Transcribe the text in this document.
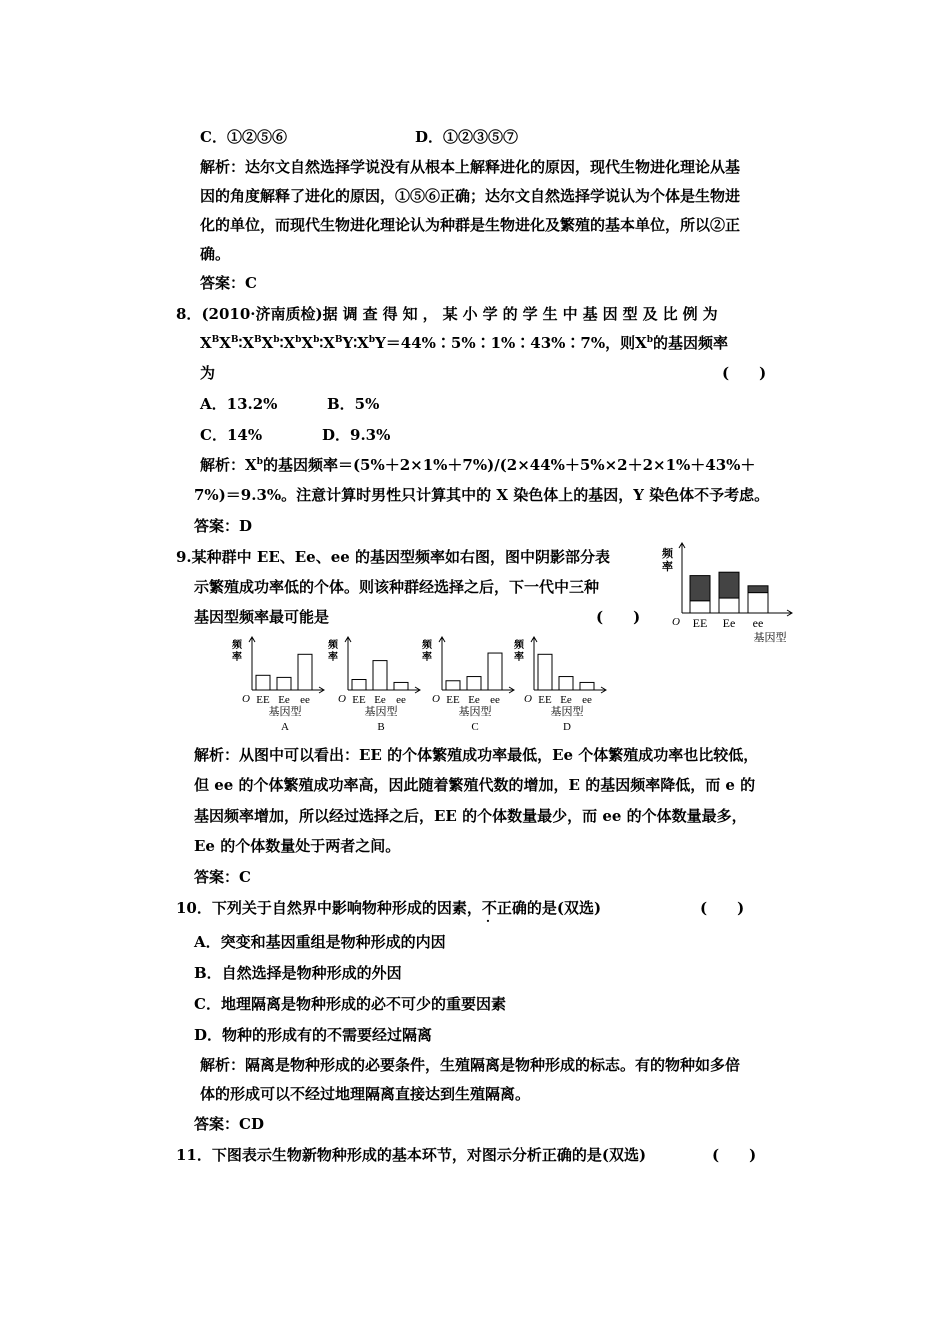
C．①②⑤⑥	D．①②③⑤⑦
解析：达尔文自然选择学说没有从根本上解释进化的原因，现代生物进化理论从基
因的角度解释了进化的原因，①⑤⑥正确；达尔文自然选择学说认为个体是生物进
化的单位，而现代生物进化理论认为种群是生物进化及繁殖的基本单位，所以②正
确。
答案：C
8．(2010·济南质检)据调查得知，某小学的学生中基因型及比例为
$X^BX^B∶X^BX^b∶X^bX^b∶X^BY∶X^bY=44\%∶5\%∶1\%∶43\%∶7\%$，则$X^b$的基因频率
为	(　　)
A．13.2%	B．5%
C．14%	D．9.3%
解析：$X^b$的基因频率＝(5%＋2×1%＋7%)/(2×44%＋5%×2＋2×1%＋43%＋
7%)＝9.3%。注意计算时男性只计算其中的 X 染色体上的基因，Y 染色体不予考虑。
答案：D
9.某种群中 EE、Ee、ee 的基因型频率如右图，图中阴影部分表
示繁殖成功率低的个体。则该种群经选择之后，下一代中三种
基因型频率最可能是	(　　)	O
频
率
EE Ee ee
基因型
O
频
率
EE Ee ee
基因型
A
O
频
率
EE Ee ee
基因型
B
O
频
率
EE Ee ee
基因型
C
O
频
率
EE Ee ee
基因型
D
解析：从图中可以看出：EE 的个体繁殖成功率最低，Ee 个体繁殖成功率也比较低，
但 ee 的个体繁殖成功率高，因此随着繁殖代数的增加，E 的基因频率降低，而 e 的
基因频率增加，所以经过选择之后，EE 的个体数量最少，而 ee 的个体数量最多，
Ee 的个体数量处于两者之间。
答案：C
10．下列关于自然界中影响物种形成的因素，不正确的是(双选)	(　　)
A．突变和基因重组是物种形成的内因
B．自然选择是物种形成的外因
C．地理隔离是物种形成的必不可少的重要因素
D．物种的形成有的不需要经过隔离
解析：隔离是物种形成的必要条件，生殖隔离是物种形成的标志。有的物种如多倍
体的形成可以不经过地理隔离直接达到生殖隔离。
答案：CD
11．下图表示生物新物种形成的基本环节，对图示分析正确的是(双选)	(　　)
